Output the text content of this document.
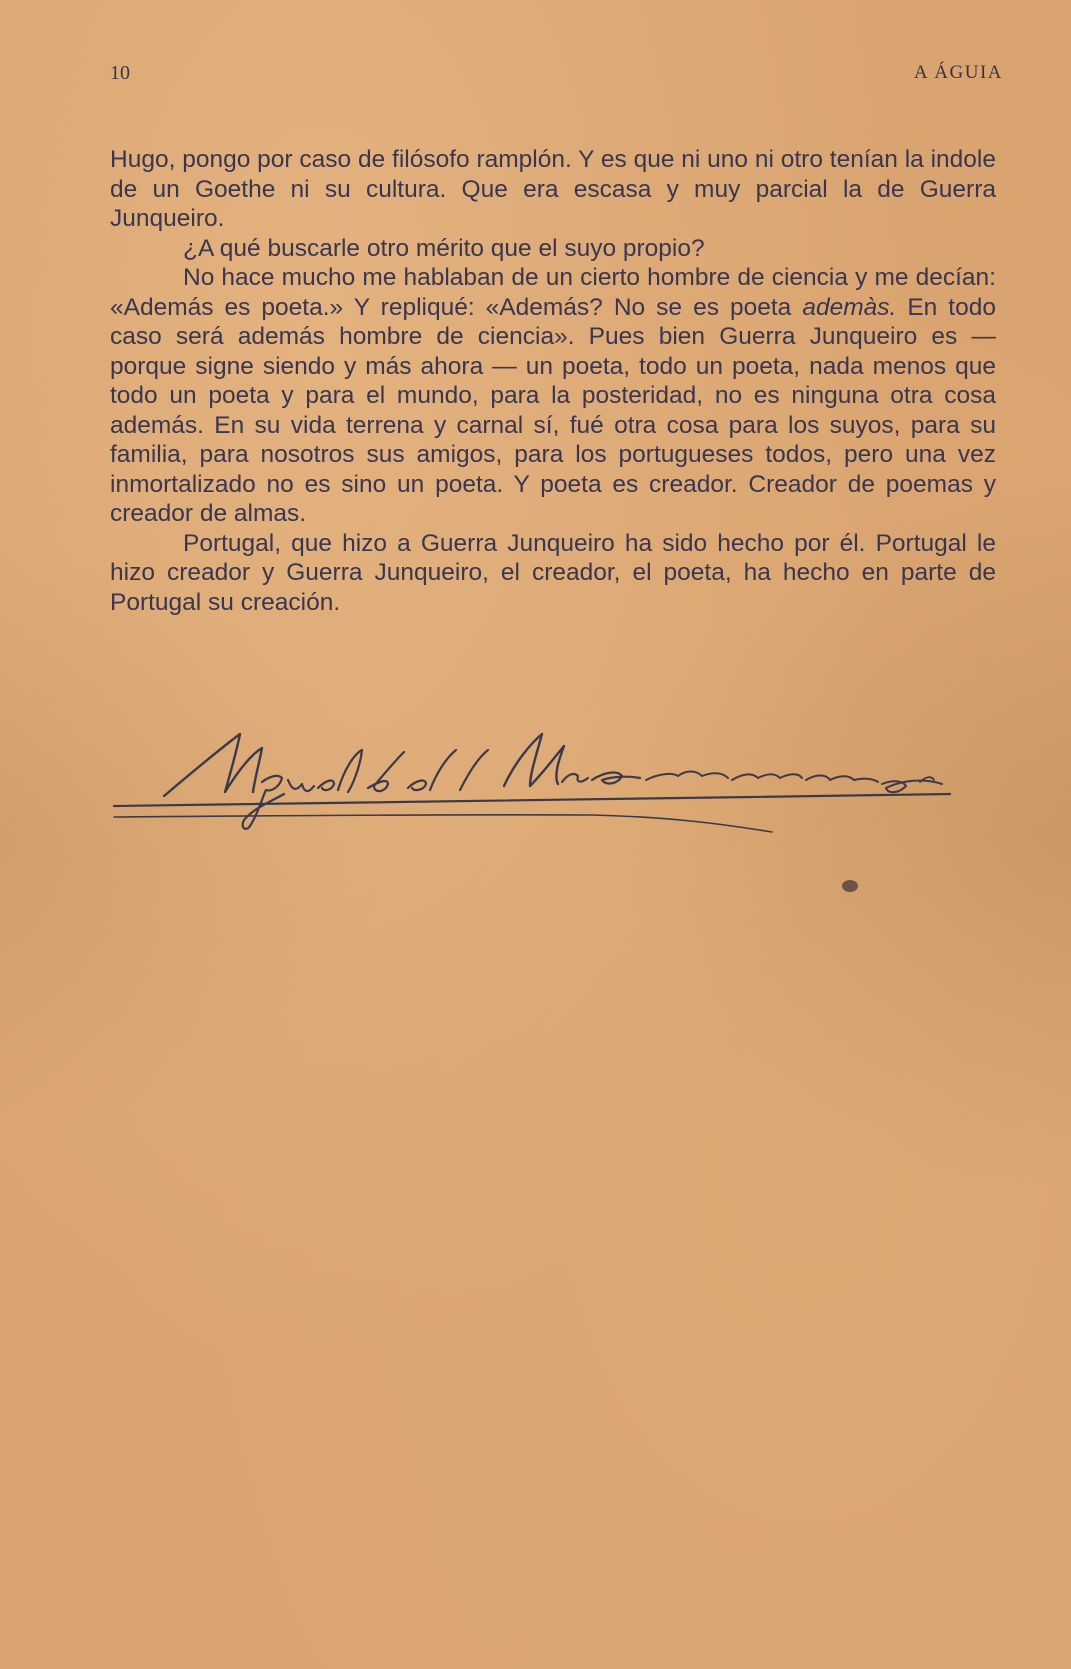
10	A ÁGUIA

Hugo, pongo por caso de filósofo ramplón. Y es que ni uno ni otro tenían la indole de un Goethe ni su cultura. Que era escasa y muy parcial la de Guerra Junqueiro.

¿A qué buscarle otro mérito que el suyo propio?

No hace mucho me hablaban de un cierto hombre de ciencia y me decían: «Además es poeta.» Y repliqué: «Además? No se es poeta ademàs. En todo caso será además hombre de ciencia». Pues bien Guerra Junqueiro es — porque signe siendo y más ahora — un poeta, todo un poeta, nada menos que todo un poeta y para el mundo, para la posteridad, no es ninguna otra cosa además. En su vida terrena y carnal sí, fué otra cosa para los suyos, para su familia, para nosotros sus amigos, para los portugueses todos, pero una vez inmortalizado no es sino un poeta. Y poeta es creador. Creador de poemas y creador de almas.

Portugal, que hizo a Guerra Junqueiro ha sido hecho por él. Portugal le hizo creador y Guerra Junqueiro, el creador, el poeta, ha hecho en parte de Portugal su creación.
